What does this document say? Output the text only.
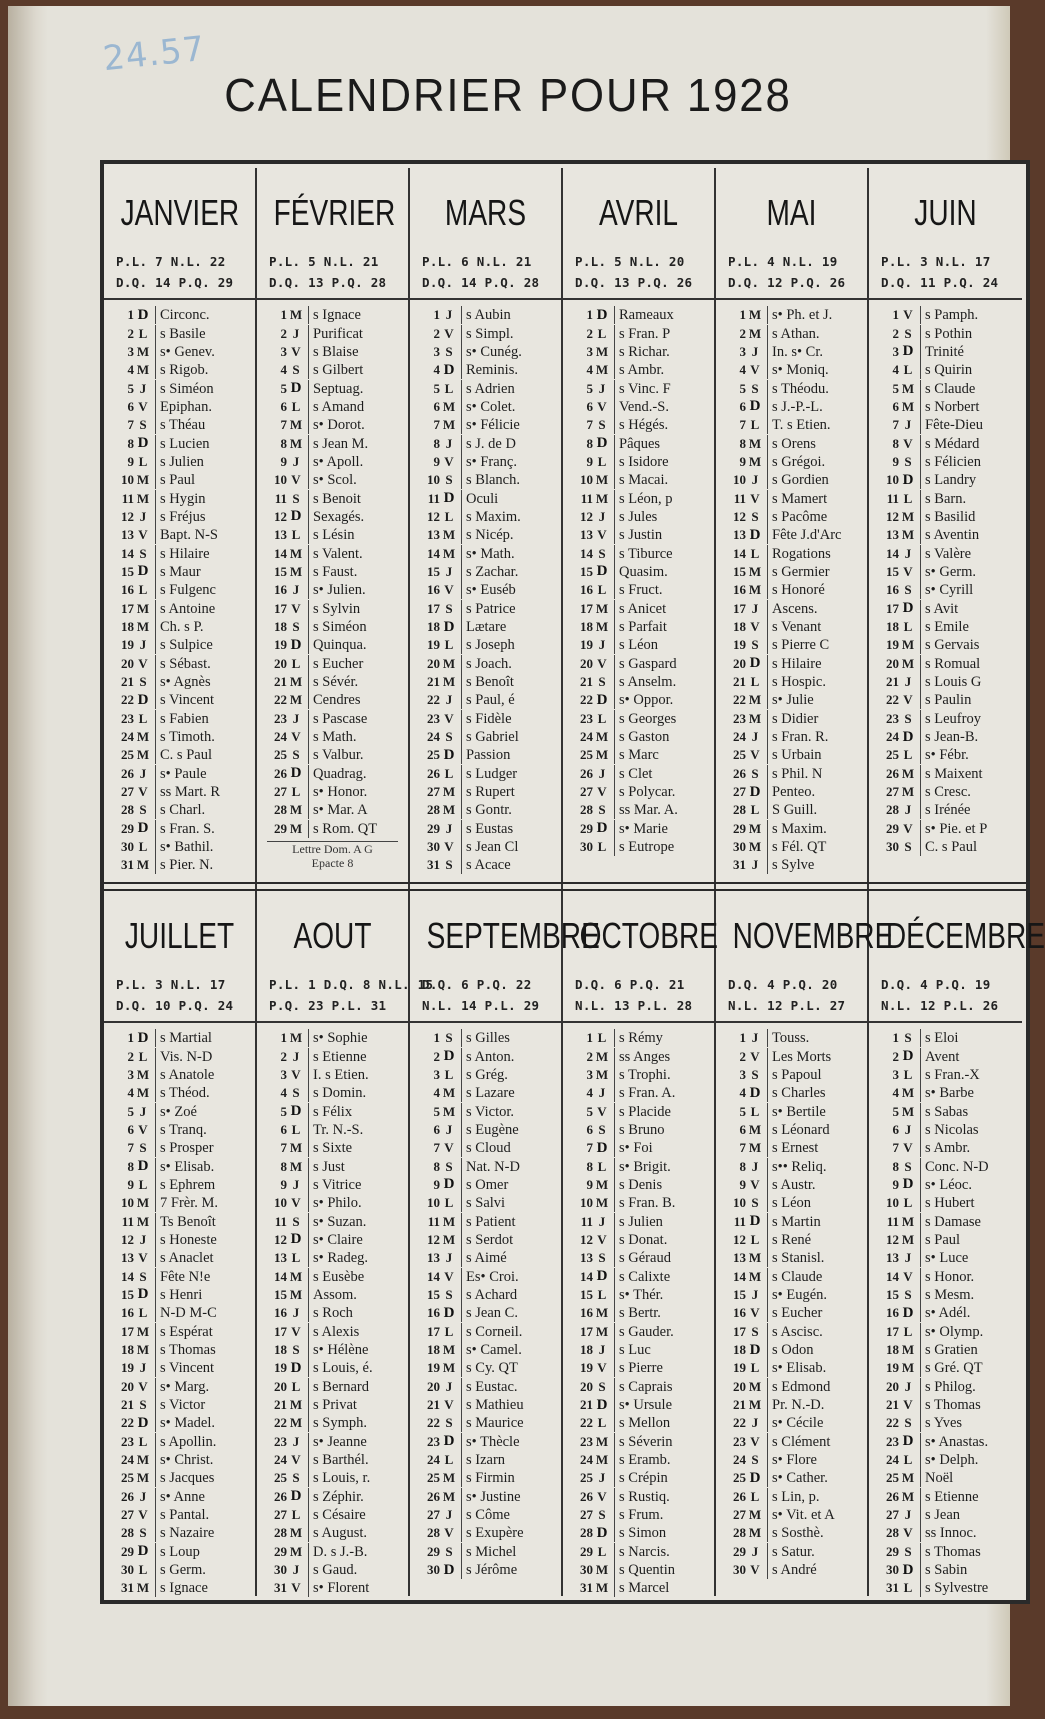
24.57
CALENDRIER POUR 1928
JANVIER
P.L. 7 N.L. 22
D.Q. 14 P.Q. 29
1 D Circonc.
2 L s Basile
3 M s• Genev.
4 M s Rigob.
5 J s Siméon
6 V Epiphan.
7 S s Théau
8 D s Lucien
9 L s Julien
10 M s Paul
11 M s Hygin
12 J s Fréjus
13 V Bapt. N-S
14 S s Hilaire
15 D s Maur
16 L s Fulgenc
17 M s Antoine
18 M Ch. s P.
19 J s Sulpice
20 V s Sébast.
21 S s• Agnès
22 D s Vincent
23 L s Fabien
24 M s Timoth.
25 M C. s Paul
26 J s• Paule
27 V ss Mart. R
28 S s Charl.
29 D s Fran. S.
30 L s• Bathil.
31 M s Pier. N.
FÉVRIER
P.L. 5 N.L. 21
D.Q. 13 P.Q. 28
1 M s Ignace
2 J Purificat
3 V s Blaise
4 S s Gilbert
5 D Septuag.
6 L s Amand
7 M s• Dorot.
8 M s Jean M.
9 J s• Apoll.
10 V s• Scol.
11 S s Benoit
12 D Sexagés.
13 L s Lésin
14 M s Valent.
15 M s Faust.
16 J s• Julien.
17 V s Sylvin
18 S s Siméon
19 D Quinqua.
20 L s Eucher
21 M s Sévér.
22 M Cendres
23 J s Pascase
24 V s Math.
25 S s Valbur.
26 D Quadrag.
27 L s• Honor.
28 M s• Mar. A
29 M s Rom. QT
Lettre Dom. A G
Epacte 8
MARS
P.L. 6 N.L. 21
D.Q. 14 P.Q. 28
1 J s Aubin
2 V s Simpl.
3 S s• Cunég.
4 D Reminis.
5 L s Adrien
6 M s• Colet.
7 M s• Félicie
8 J s J. de D
9 V s• Franç.
10 S s Blanch.
11 D Oculi
12 L s Maxim.
13 M s Nicép.
14 M s• Math.
15 J s Zachar.
16 V s• Euséb
17 S s Patrice
18 D Lætare
19 L s Joseph
20 M s Joach.
21 M s Benoît
22 J s Paul, é
23 V s Fidèle
24 S s Gabriel
25 D Passion
26 L s Ludger
27 M s Rupert
28 M s Gontr.
29 J s Eustas
30 V s Jean Cl
31 S s Acace
AVRIL
P.L. 5 N.L. 20
D.Q. 13 P.Q. 26
1 D Rameaux
2 L s Fran. P
3 M s Richar.
4 M s Ambr.
5 J s Vinc. F
6 V Vend.-S.
7 S s Hégés.
8 D Pâques
9 L s Isidore
10 M s Macai.
11 M s Léon, p
12 J s Jules
13 V s Justin
14 S s Tiburce
15 D Quasim.
16 L s Fruct.
17 M s Anicet
18 M s Parfait
19 J s Léon
20 V s Gaspard
21 S s Anselm.
22 D s• Oppor.
23 L s Georges
24 M s Gaston
25 M s Marc
26 J s Clet
27 V s Polycar.
28 S ss Mar. A.
29 D s• Marie
30 L s Eutrope
MAI
P.L. 4 N.L. 19
D.Q. 12 P.Q. 26
1 M s• Ph. et J.
2 M s Athan.
3 J In. s• Cr.
4 V s• Moniq.
5 S s Théodu.
6 D s J.-P.-L.
7 L T. s Etien.
8 M s Orens
9 M s Grégoi.
10 J s Gordien
11 V s Mamert
12 S s Pacôme
13 D Fête J.d'Arc
14 L Rogations
15 M s Germier
16 M s Honoré
17 J Ascens.
18 V s Venant
19 S s Pierre C
20 D s Hilaire
21 L s Hospic.
22 M s• Julie
23 M s Didier
24 J s Fran. R.
25 V s Urbain
26 S s Phil. N
27 D Penteo.
28 L S Guill.
29 M s Maxim.
30 M s Fél. QT
31 J s Sylve
JUIN
P.L. 3 N.L. 17
D.Q. 11 P.Q. 24
1 V s Pamph.
2 S s Pothin
3 D Trinité
4 L s Quirin
5 M s Claude
6 M s Norbert
7 J Fête-Dieu
8 V s Médard
9 S s Félicien
10 D s Landry
11 L s Barn.
12 M s Basilid
13 M s Aventin
14 J s Valère
15 V s• Germ.
16 S s• Cyrill
17 D s Avit
18 L s Emile
19 M s Gervais
20 M s Romual
21 J s Louis G
22 V s Paulin
23 S s Leufroy
24 D s Jean-B.
25 L s• Fébr.
26 M s Maixent
27 M s Cresc.
28 J s Irénée
29 V s• Pie. et P
30 S C. s Paul
JUILLET
P.L. 3 N.L. 17
D.Q. 10 P.Q. 24
1 D s Martial
2 L Vis. N-D
3 M s Anatole
4 M s Théod.
5 J s• Zoé
6 V s Tranq.
7 S s Prosper
8 D s• Elisab.
9 L s Ephrem
10 M 7 Frèr. M.
11 M Ts Benoît
12 J s Honeste
13 V s Anaclet
14 S Fête N!e
15 D s Henri
16 L N-D M-C
17 M s Espérat
18 M s Thomas
19 J s Vincent
20 V s• Marg.
21 S s Victor
22 D s• Madel.
23 L s Apollin.
24 M s• Christ.
25 M s Jacques
26 J s• Anne
27 V s Pantal.
28 S s Nazaire
29 D s Loup
30 L s Germ.
31 M s Ignace
AOUT
P.L. 1 D.Q. 8 N.L. 15
P.Q. 23 P.L. 31
1 M s• Sophie
2 J s Etienne
3 V I. s Etien.
4 S s Domin.
5 D s Félix
6 L Tr. N.-S.
7 M s Sixte
8 M s Just
9 J s Vitrice
10 V s• Philo.
11 S s• Suzan.
12 D s• Claire
13 L s• Radeg.
14 M s Eusèbe
15 M Assom.
16 J s Roch
17 V s Alexis
18 S s• Hélène
19 D s Louis, é.
20 L s Bernard
21 M s Privat
22 M s Symph.
23 J s• Jeanne
24 V s Barthél.
25 S s Louis, r.
26 D s Zéphir.
27 L s Césaire
28 M s August.
29 M D. s J.-B.
30 J s Gaud.
31 V s• Florent
SEPTEMBRE
D.Q. 6 P.Q. 22
N.L. 14 P.L. 29
1 S s Gilles
2 D s Anton.
3 L s Grég.
4 M s Lazare
5 M s Victor.
6 J s Eugène
7 V s Cloud
8 S Nat. N-D
9 D s Omer
10 L s Salvi
11 M s Patient
12 M s Serdot
13 J s Aimé
14 V Es• Croi.
15 S s Achard
16 D s Jean C.
17 L s Corneil.
18 M s• Camel.
19 M s Cy. QT
20 J s Eustac.
21 V s Mathieu
22 S s Maurice
23 D s• Thècle
24 L s Izarn
25 M s Firmin
26 M s• Justine
27 J s Côme
28 V s Exupère
29 S s Michel
30 D s Jérôme
OCTOBRE
D.Q. 6 P.Q. 21
N.L. 13 P.L. 28
1 L s Rémy
2 M ss Anges
3 M s Trophi.
4 J s Fran. A.
5 V s Placide
6 S s Bruno
7 D s• Foi
8 L s• Brigit.
9 M s Denis
10 M s Fran. B.
11 J s Julien
12 V s Donat.
13 S s Géraud
14 D s Calixte
15 L s• Thér.
16 M s Bertr.
17 M s Gauder.
18 J s Luc
19 V s Pierre
20 S s Caprais
21 D s• Ursule
22 L s Mellon
23 M s Séverin
24 M s Eramb.
25 J s Crépin
26 V s Rustiq.
27 S s Frum.
28 D s Simon
29 L s Narcis.
30 M s Quentin
31 M s Marcel
NOVEMBRE
D.Q. 4 P.Q. 20
N.L. 12 P.L. 27
1 J Touss.
2 V Les Morts
3 S s Papoul
4 D s Charles
5 L s• Bertile
6 M s Léonard
7 M s Ernest
8 J s•• Reliq.
9 V s Austr.
10 S s Léon
11 D s Martin
12 L s René
13 M s Stanisl.
14 M s Claude
15 J s• Eugén.
16 V s Eucher
17 S s Ascisc.
18 D s Odon
19 L s• Elisab.
20 M s Edmond
21 M Pr. N.-D.
22 J s• Cécile
23 V s Clément
24 S s• Flore
25 D s• Cather.
26 L s Lin, p.
27 M s• Vit. et A
28 M s Sosthè.
29 J s Satur.
30 V s André
DÉCEMBRE
D.Q. 4 P.Q. 19
N.L. 12 P.L. 26
1 S s Eloi
2 D Avent
3 L s Fran.-X
4 M s• Barbe
5 M s Sabas
6 J s Nicolas
7 V s Ambr.
8 S Conc. N-D
9 D s• Léoc.
10 L s Hubert
11 M s Damase
12 M s Paul
13 J s• Luce
14 V s Honor.
15 S s Mesm.
16 D s• Adél.
17 L s• Olymp.
18 M s Gratien
19 M s Gré. QT
20 J s Philog.
21 V s Thomas
22 S s Yves
23 D s• Anastas.
24 L s• Delph.
25 M Noël
26 M s Etienne
27 J s Jean
28 V ss Innoc.
29 S s Thomas
30 D s Sabin
31 L s Sylvestre
